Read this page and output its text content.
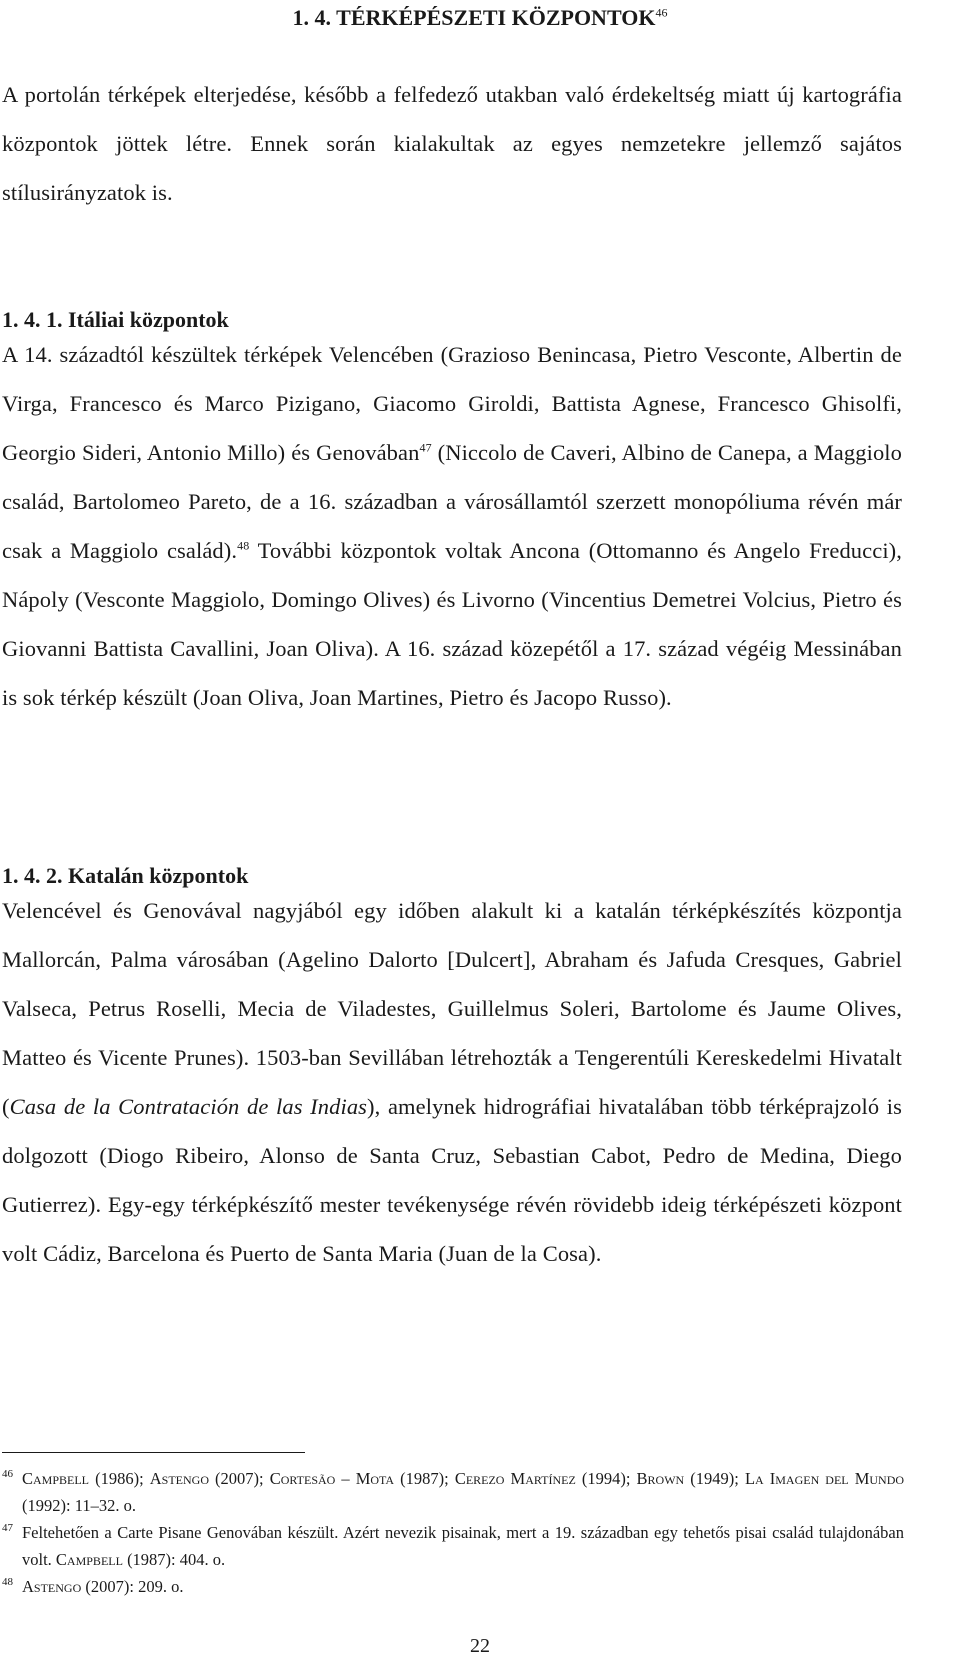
1. 4. TÉRKÉPÉSZETI KÖZPONTOK$^{46}$

A portolán térképek elterjedése, később a felfedező utakban való érdekeltség miatt új kartográfia központok jöttek létre. Ennek során kialakultak az egyes nemzetekre jellemző sajátos stílusirányzatok is.

1. 4. 1. Itáliai központok

A 14. századtól készültek térképek Velencében (Grazioso Benincasa, Pietro Vesconte, Albertin de Virga, Francesco és Marco Pizigano, Giacomo Giroldi, Battista Agnese, Francesco Ghisolfi, Georgio Sideri, Antonio Millo) és Genovában$^{47}$ (Niccolo de Caveri, Albino de Canepa, a Maggiolo család, Bartolomeo Pareto, de a 16. században a városállamtól szerzett monopóliuma révén már csak a Maggiolo család).$^{48}$ További központok voltak Ancona (Ottomanno és Angelo Freducci), Nápoly (Vesconte Maggiolo, Domingo Olives) és Livorno (Vincentius Demetrei Volcius, Pietro és Giovanni Battista Cavallini, Joan Oliva). A 16. század közepétől a 17. század végéig Messinában is sok térkép készült (Joan Oliva, Joan Martines, Pietro és Jacopo Russo).

1. 4. 2. Katalán központok

Velencével és Genovával nagyjából egy időben alakult ki a katalán térképkészítés központja Mallorcán, Palma városában (Agelino Dalorto [Dulcert], Abraham és Jafuda Cresques, Gabriel Valseca, Petrus Roselli, Mecia de Viladestes, Guillelmus Soleri, Bartolome és Jaume Olives, Matteo és Vicente Prunes). 1503-ban Sevillában létrehozták a Tengerentúli Kereskedelmi Hivatalt (Casa de la Contratación de las Indias), amelynek hidrográfiai hivatalában több térképrajzoló is dolgozott (Diogo Ribeiro, Alonso de Santa Cruz, Sebastian Cabot, Pedro de Medina, Diego Gutierrez). Egy-egy térképkészítő mester tevékenysége révén rövidebb ideig térképészeti központ volt Cádiz, Barcelona és Puerto de Santa Maria (Juan de la Cosa).

46 Campbell (1986); Astengo (2007); Cortesão – Mota (1987); Cerezo Martínez (1994); Brown (1949); La Imagen del Mundo (1992): 11–32. o.

47 Feltehetően a Carte Pisane Genovában készült. Azért nevezik pisainak, mert a 19. században egy tehetős pisai család tulajdonában volt. Campbell (1987): 404. o.

48 Astengo (2007): 209. o.

22
